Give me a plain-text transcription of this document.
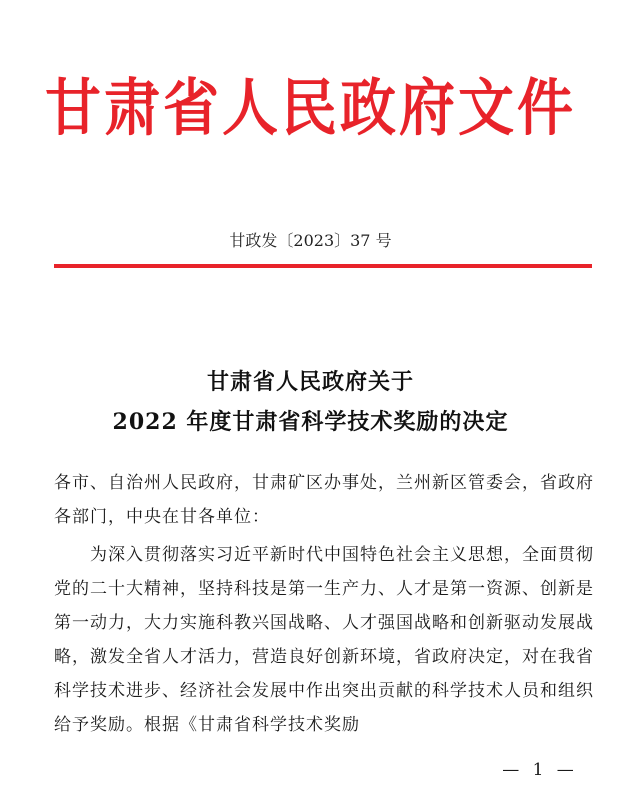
甘肃省人民政府文件
甘政发〔2023〕37 号
甘肃省人民政府关于
2022 年度甘肃省科学技术奖励的决定
各市、自治州人民政府，甘肃矿区办事处，兰州新区管委会，省政府各部门，中央在甘各单位：
为深入贯彻落实习近平新时代中国特色社会主义思想，全面贯彻党的二十大精神，坚持科技是第一生产力、人才是第一资源、创新是第一动力，大力实施科教兴国战略、人才强国战略和创新驱动发展战略，激发全省人才活力，营造良好创新环境，省政府决定，对在我省科学技术进步、经济社会发展中作出突出贡献的科学技术人员和组织给予奖励。根据《甘肃省科学技术奖励
— 1 —
